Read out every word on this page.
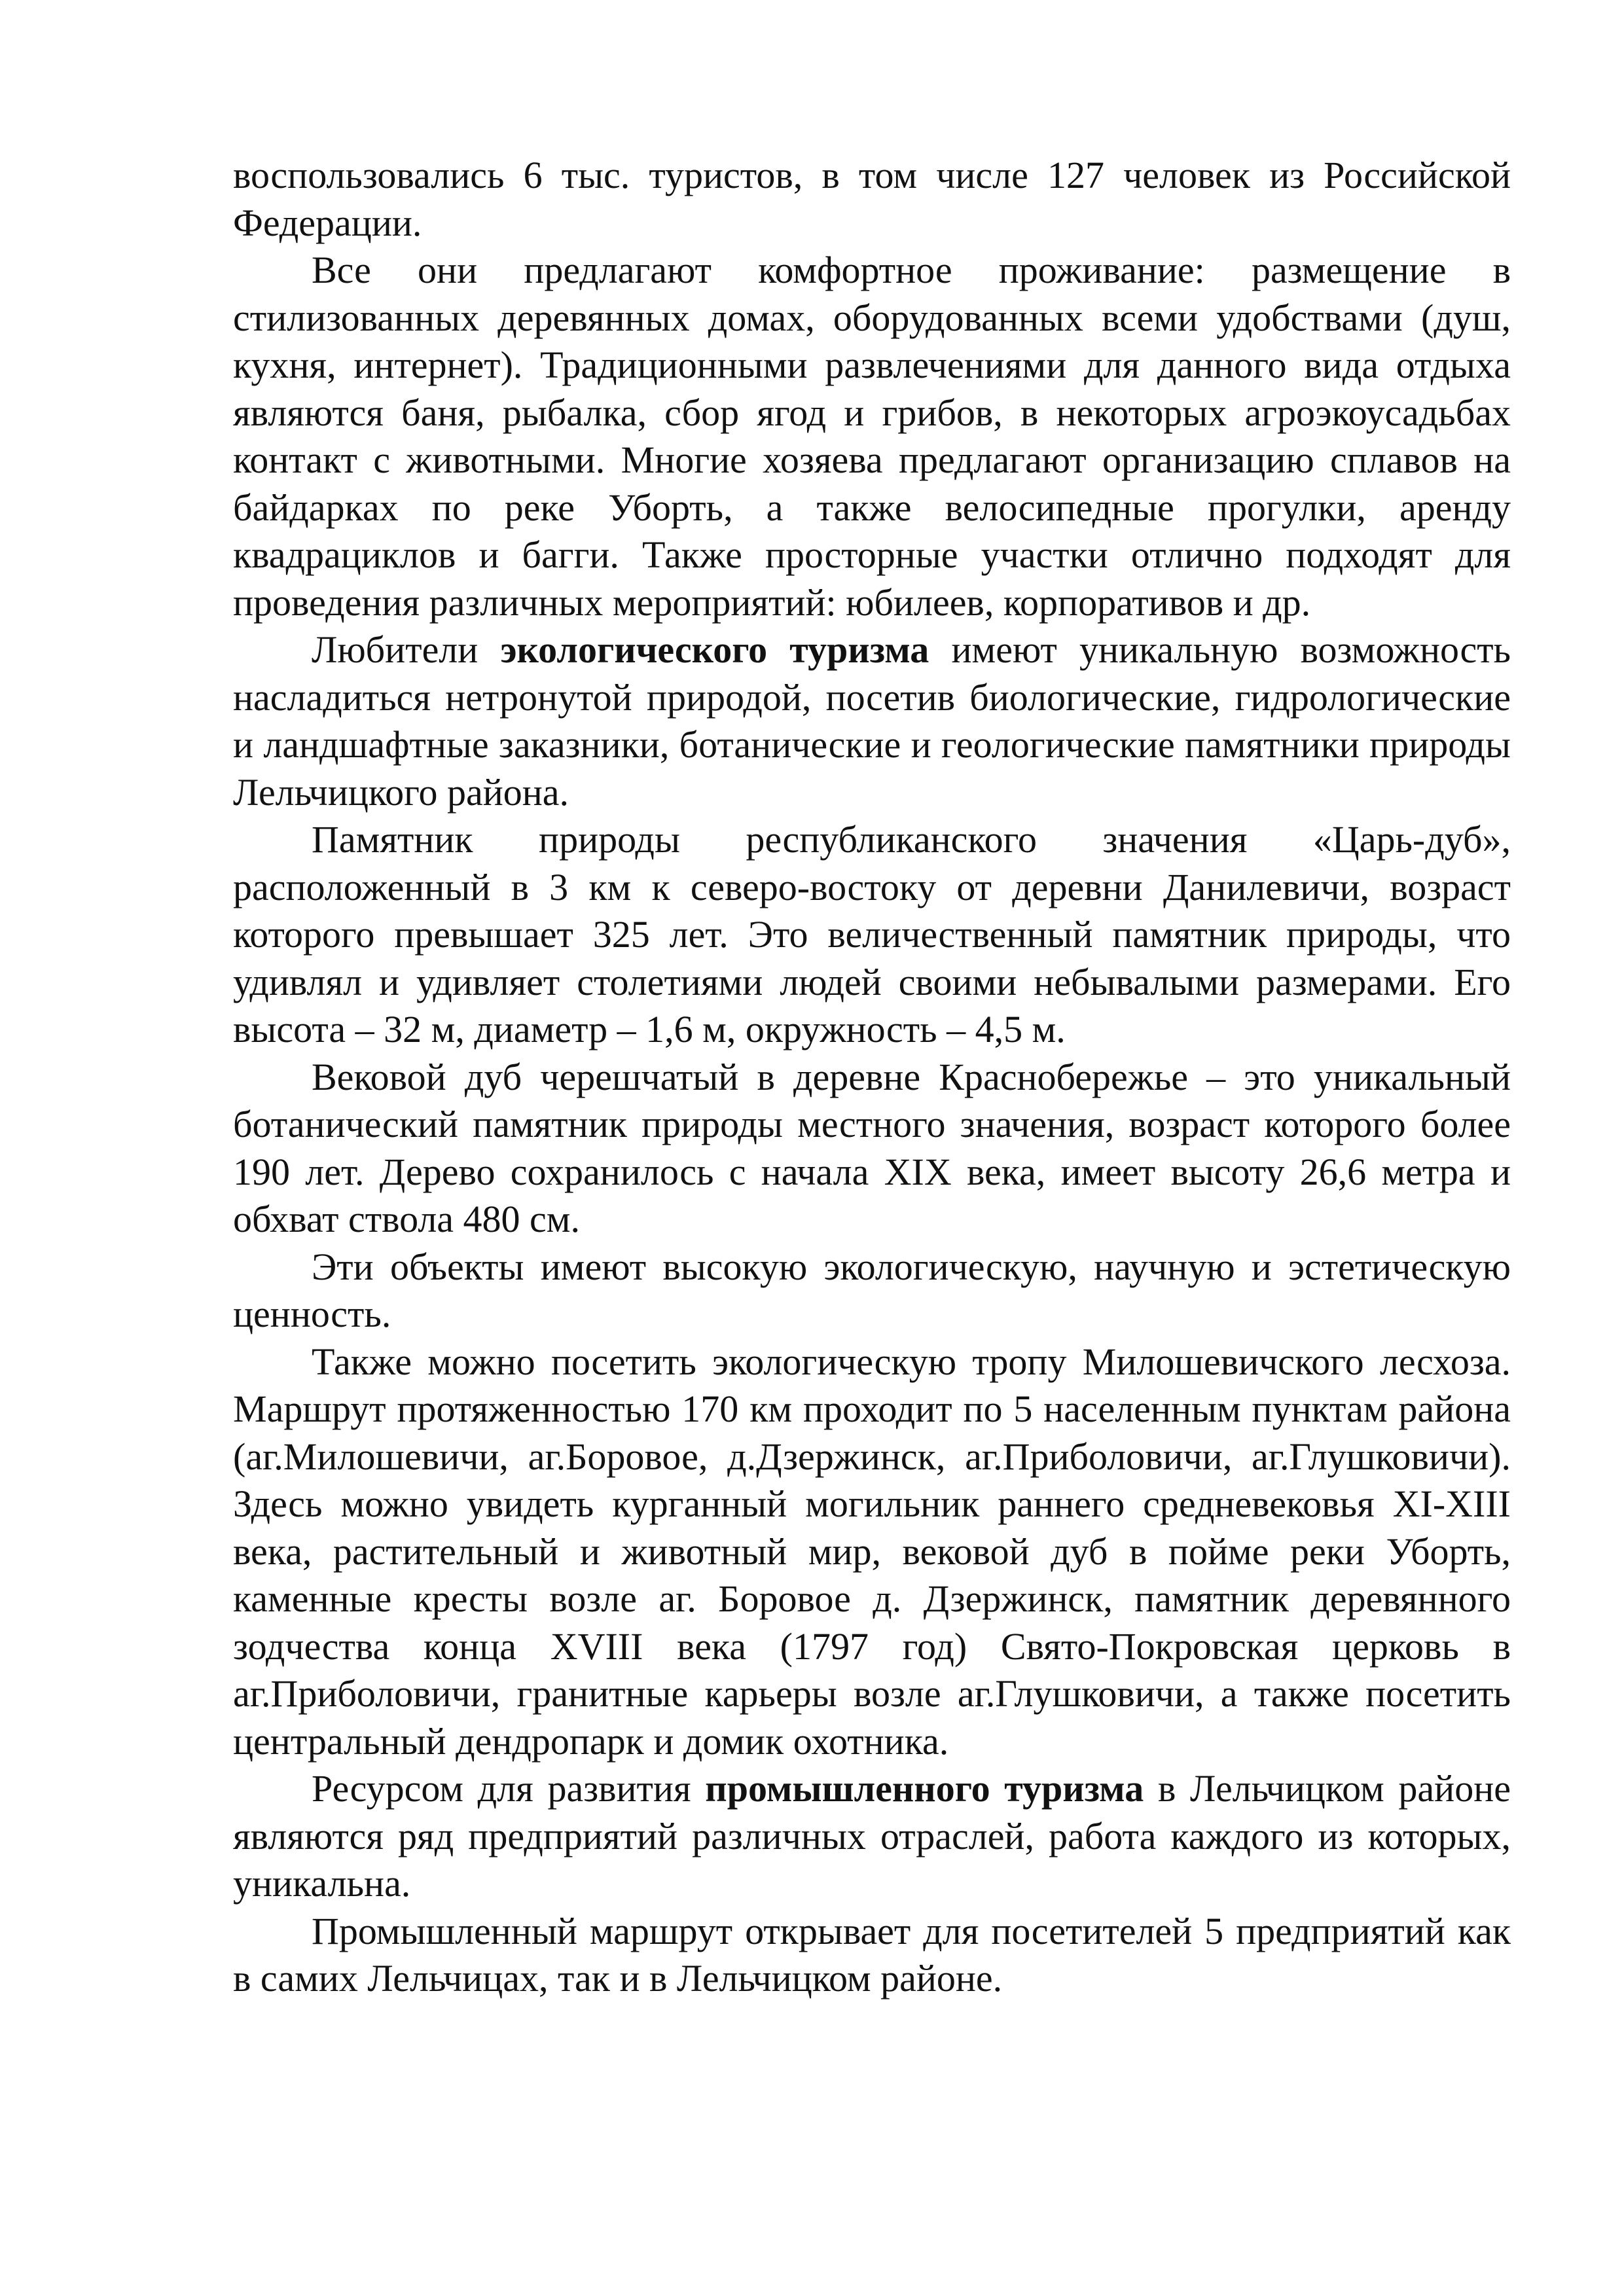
воспользовались 6 тыс. туристов, в том числе 127 человек из Российской Федерации.

Все они предлагают комфортное проживание: размещение в стилизованных деревянных домах, оборудованных всеми удобствами (душ, кухня, интернет). Традиционными развлечениями для данного вида отдыха являются баня, рыбалка, сбор ягод и грибов, в некоторых агроэкоусадьбах контакт с животными. Многие хозяева предлагают организацию сплавов на байдарках по реке Уборть, а также велосипедные прогулки, аренду квадрациклов и багги. Также просторные участки отлично подходят для проведения различных мероприятий: юбилеев, корпоративов и др.

Любители экологического туризма имеют уникальную возможность насладиться нетронутой природой, посетив биологические, гидрологические и ландшафтные заказники, ботанические и геологические памятники природы Лельчицкого района.

Памятник природы республиканского значения «Царь-дуб», расположенный в 3 км к северо-востоку от деревни Данилевичи, возраст которого превышает 325 лет. Это величественный памятник природы, что удивлял и удивляет столетиями людей своими небывалыми размерами. Его высота – 32 м, диаметр – 1,6 м, окружность – 4,5 м.

Вековой дуб черешчатый в деревне Краснобережье – это уникальный ботанический памятник природы местного значения, возраст которого более 190 лет. Дерево сохранилось с начала XIX века, имеет высоту 26,6 метра и обхват ствола 480 см.

Эти объекты имеют высокую экологическую, научную и эстетическую ценность.

Также можно посетить экологическую тропу Милошевичского лесхоза. Маршрут протяженностью 170 км проходит по 5 населенным пунктам района (аг.Милошевичи, аг.Боровое, д.Дзержинск, аг.Приболовичи, аг.Глушковичи). Здесь можно увидеть курганный могильник раннего средневековья XI-XIII века, растительный и животный мир, вековой дуб в пойме реки Уборть, каменные кресты возле аг. Боровое д. Дзержинск, памятник деревянного зодчества конца XVIII века (1797 год) Свято-Покровская церковь в аг.Приболовичи, гранитные карьеры возле аг.Глушковичи, а также посетить центральный дендропарк и домик охотника.

Ресурсом для развития промышленного туризма в Лельчицком районе являются ряд предприятий различных отраслей, работа каждого из которых, уникальна.

Промышленный маршрут открывает для посетителей 5 предприятий как в самих Лельчицах, так и в Лельчицком районе.
